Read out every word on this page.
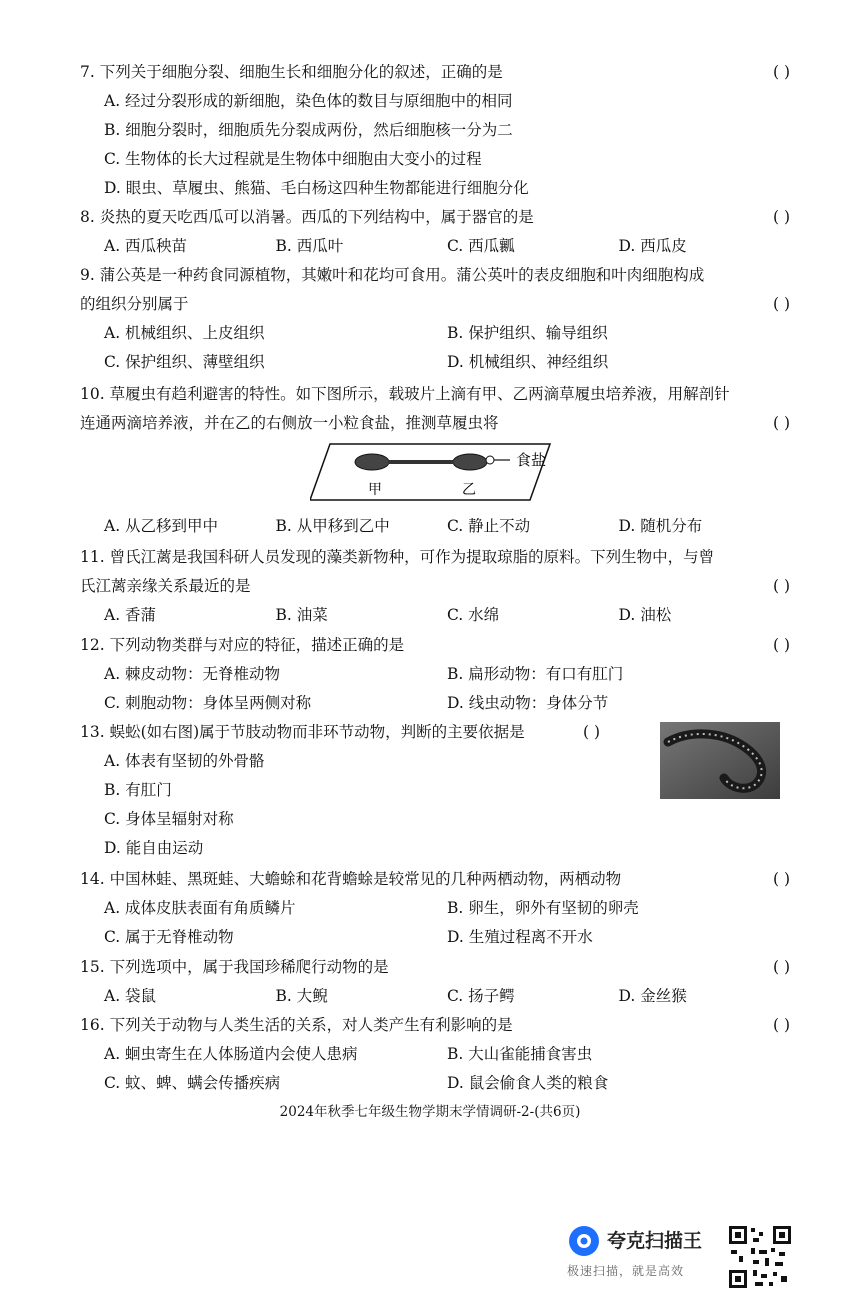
7. 下列关于细胞分裂、细胞生长和细胞分化的叙述，正确的是	( )
A. 经过分裂形成的新细胞，染色体的数目与原细胞中的相同
B. 细胞分裂时，细胞质先分裂成两份，然后细胞核一分为二
C. 生物体的长大过程就是生物体中细胞由大变小的过程
D. 眼虫、草履虫、熊猫、毛白杨这四种生物都能进行细胞分化
8. 炎热的夏天吃西瓜可以消暑。西瓜的下列结构中，属于器官的是	( )
A. 西瓜秧苗	B. 西瓜叶	C. 西瓜瓤	D. 西瓜皮
9. 蒲公英是一种药食同源植物，其嫩叶和花均可食用。蒲公英叶的表皮细胞和叶肉细胞构成
的组织分别属于	( )
A. 机械组织、上皮组织	B. 保护组织、输导组织
C. 保护组织、薄壁组织	D. 机械组织、神经组织
10. 草履虫有趋利避害的特性。如下图所示，载玻片上滴有甲、乙两滴草履虫培养液，用解剖针
连通两滴培养液，并在乙的右侧放一小粒食盐，推测草履虫将	( )
甲	乙
食盐
A. 从乙移到甲中	B. 从甲移到乙中	C. 静止不动	D. 随机分布
11. 曾氏江蓠是我国科研人员发现的藻类新物种，可作为提取琼脂的原料。下列生物中，与曾
氏江蓠亲缘关系最近的是	( )
A. 香蒲	B. 油菜	C. 水绵	D. 油松
12. 下列动物类群与对应的特征，描述正确的是	( )
A. 棘皮动物：无脊椎动物	B. 扁形动物：有口有肛门
C. 刺胞动物：身体呈两侧对称	D. 线虫动物：身体分节
13. 蜈蚣(如右图)属于节肢动物而非环节动物，判断的主要依据是	( )
A. 体表有坚韧的外骨骼
B. 有肛门
C. 身体呈辐射对称
D. 能自由运动
14. 中国林蛙、黑斑蛙、大蟾蜍和花背蟾蜍是较常见的几种两栖动物，两栖动物	( )
A. 成体皮肤表面有角质鳞片	B. 卵生，卵外有坚韧的卵壳
C. 属于无脊椎动物	D. 生殖过程离不开水
15. 下列选项中，属于我国珍稀爬行动物的是	( )
A. 袋鼠	B. 大鲵	C. 扬子鳄	D. 金丝猴
16. 下列关于动物与人类生活的关系，对人类产生有利影响的是	( )
A. 蛔虫寄生在人体肠道内会使人患病	B. 大山雀能捕食害虫
C. 蚊、蜱、螨会传播疾病	D. 鼠会偷食人类的粮食
2024年秋季七年级生物学期末学情调研-2-(共6页)
夸克扫描王
极速扫描，就是高效
